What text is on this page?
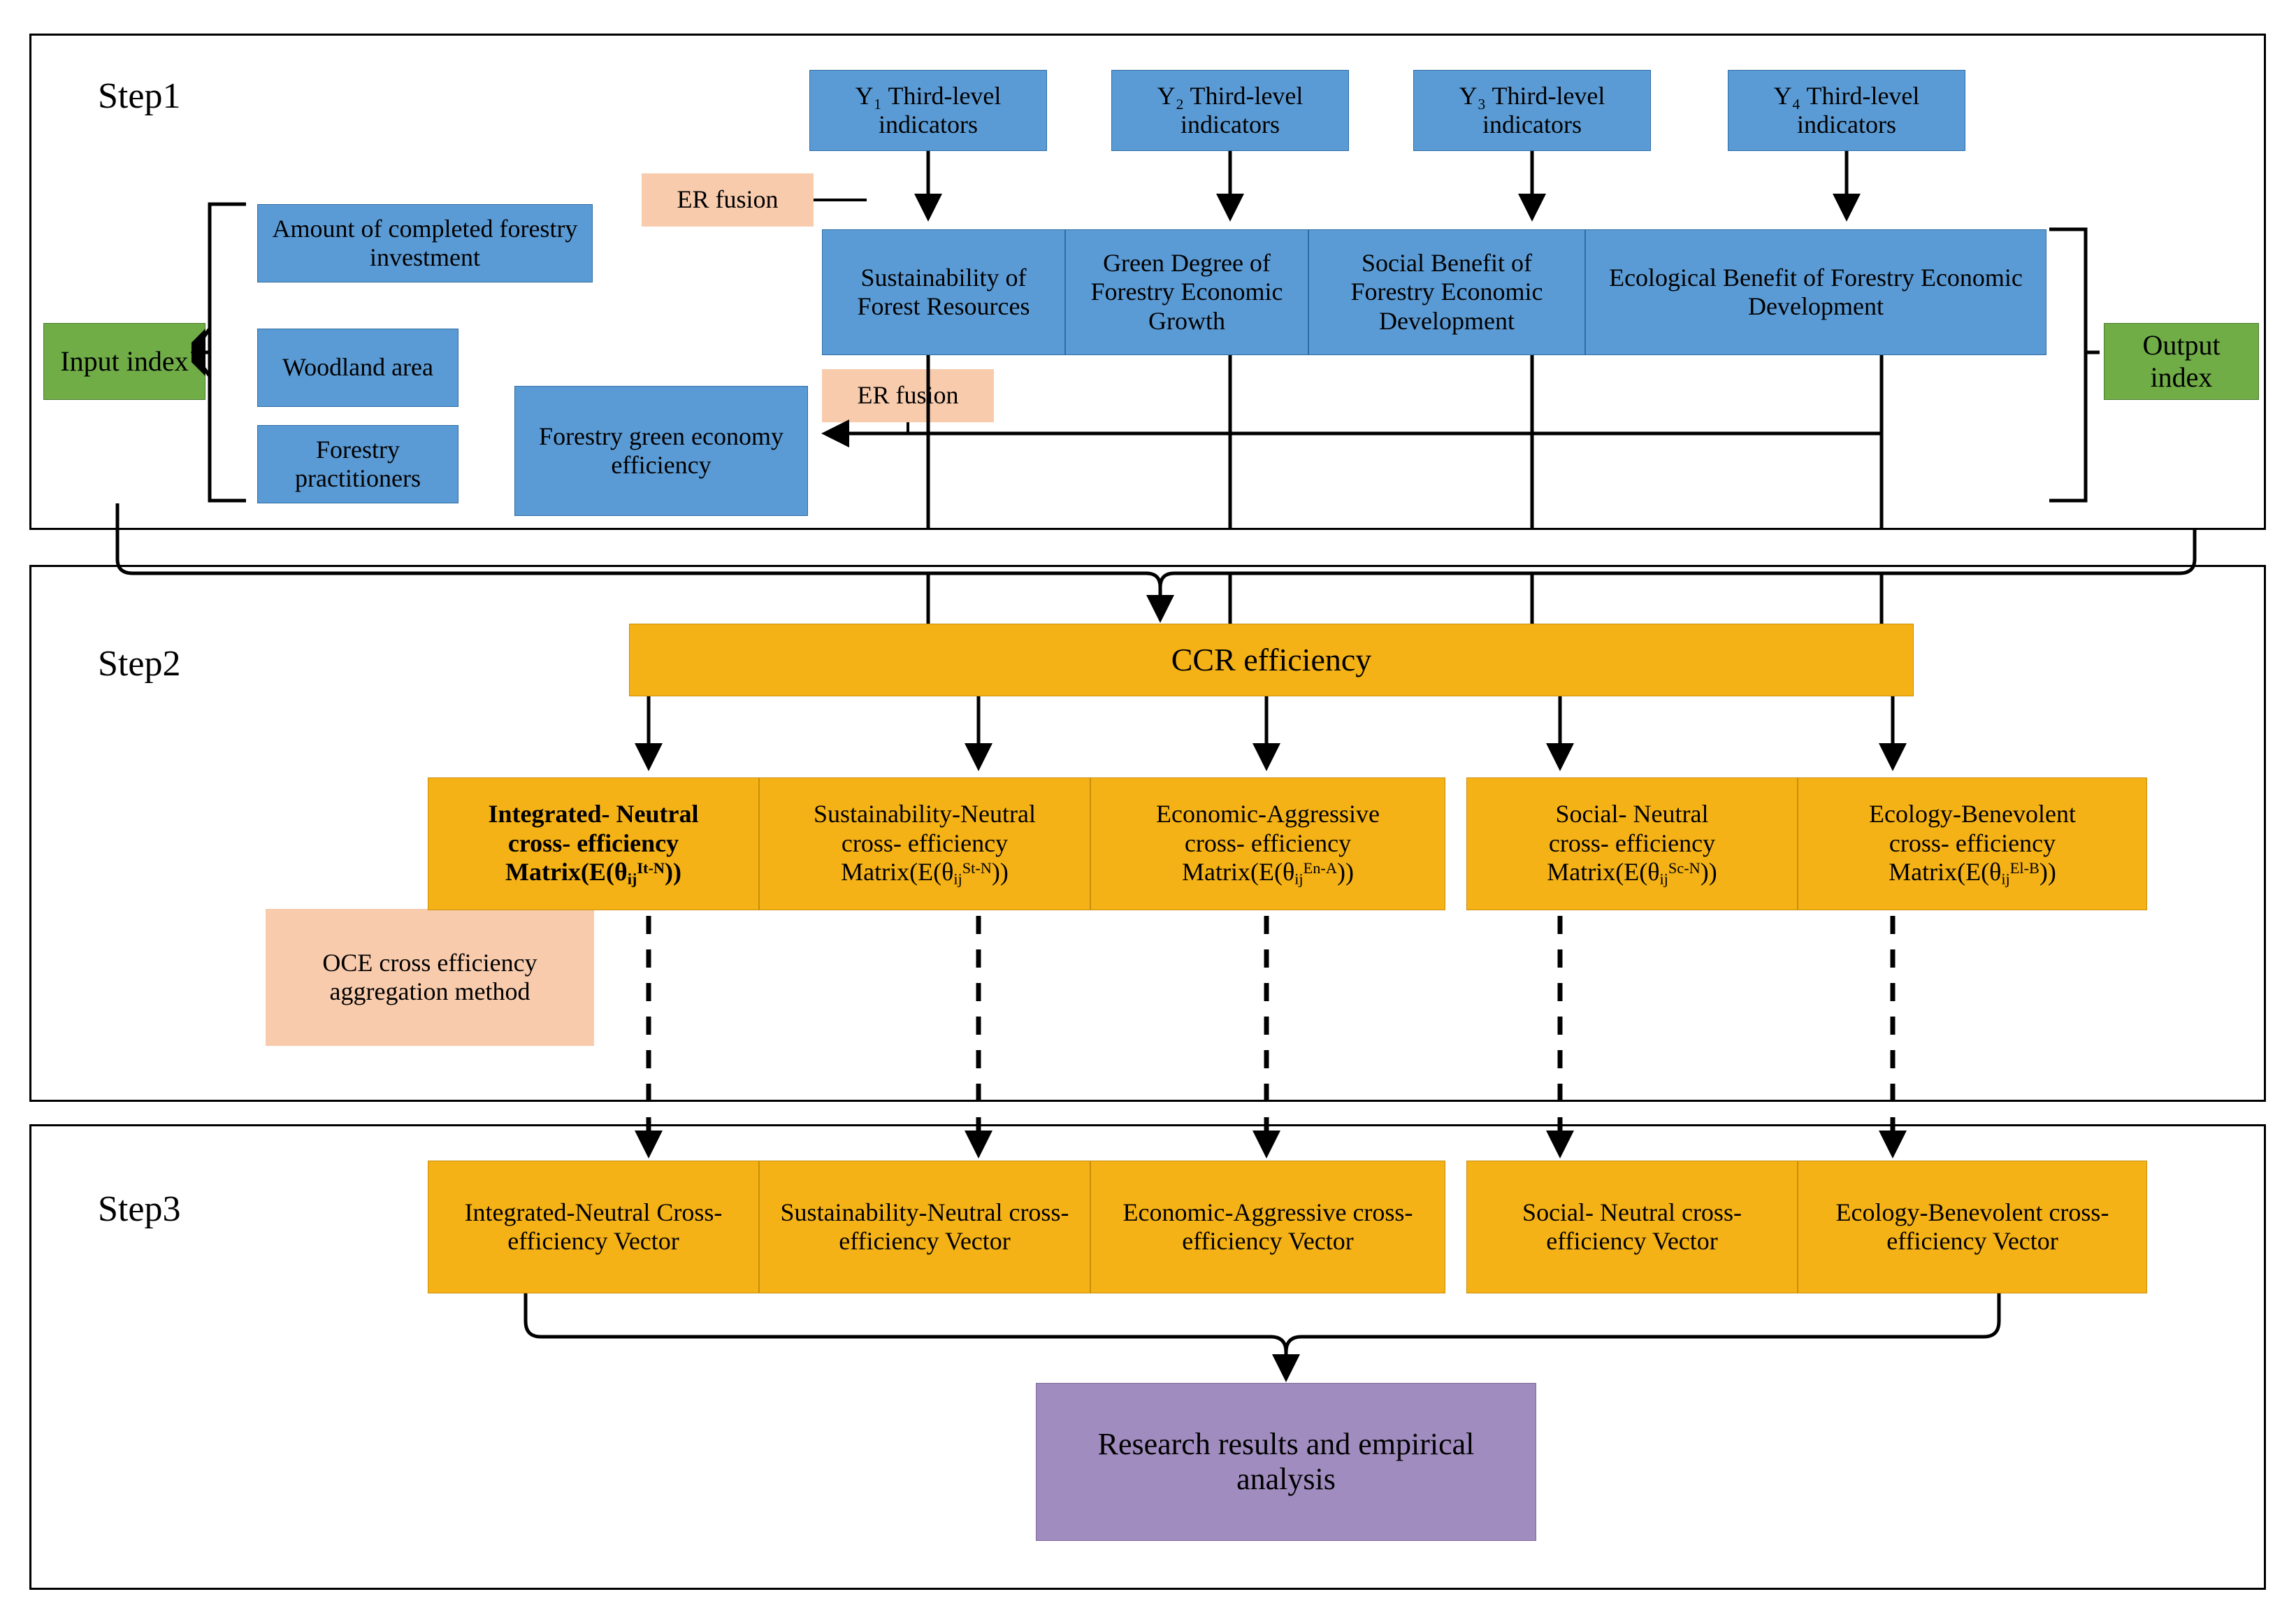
Step1
Step2
Step3
Y₁ Third-level indicators
Y₂ Third-level indicators
Y₃ Third-level indicators
Y₄ Third-level indicators
Sustainability of Forest Resources
Green Degree of Forestry Economic Growth
Social Benefit of Forestry Economic Development
Ecological Benefit of Forestry Economic Development
Amount of completed forestry investment
Woodland area
Forestry practitioners
Input index
Output index
ER fusion
ER fusion
Forestry green economy efficiency
CCR efficiency
OCE cross efficiency aggregation method
Integrated- Neutral
cross- efficiency
$Matrix(E(\theta_{ij}^{It-N}))$
Sustainability-Neutral
cross- efficiency
$Matrix(E(\theta_{ij}^{St-N}))$
Economic-Aggressive
cross- efficiency
$Matrix(E(\theta_{ij}^{En-A}))$
Social- Neutral
cross- efficiency
$Matrix(E(\theta_{ij}^{Sc-N}))$
Ecology-Benevolent
cross- efficiency
$Matrix(E(\theta_{ij}^{El-B}))$
Integrated-Neutral Cross-efficiency Vector
Sustainability-Neutral cross- efficiency Vector
Economic-Aggressive cross- efficiency Vector
Social- Neutral cross- efficiency Vector
Ecology-Benevolent cross- efficiency Vector
Research results and empirical analysis
